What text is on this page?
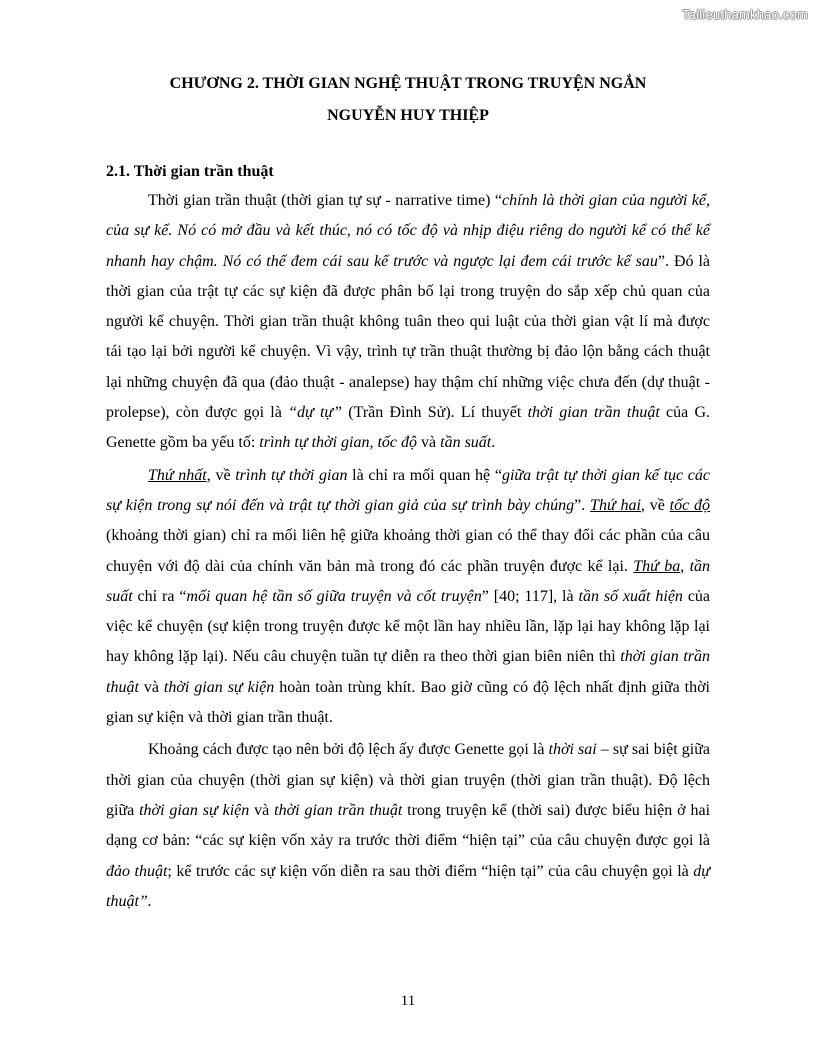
Tailieuthamkhao.com
CHƯƠNG 2. THỜI GIAN NGHỆ THUẬT TRONG TRUYỆN NGẮN
NGUYỄN HUY THIỆP
2.1. Thời gian trần thuật

Thời gian trần thuật (thời gian tự sự - narrative time) “chính là thời gian của người kể, của sự kể. Nó có mở đầu và kết thúc, nó có tốc độ và nhịp điệu riêng do người kể có thể kể nhanh hay chậm. Nó có thể đem cái sau kể trước và ngược lại đem cái trước kể sau”. Đó là thời gian của trật tự các sự kiện đã được phân bố lại trong truyện do sắp xếp chủ quan của người kể chuyện. Thời gian trần thuật không tuân theo qui luật của thời gian vật lí mà được tái tạo lại bởi người kể chuyện. Vì vậy, trình tự trần thuật thường bị đảo lộn bằng cách thuật lại những chuyện đã qua (đảo thuật - analepse) hay thậm chí những việc chưa đến (dự thuật - prolepse), còn được gọi là “dự tự” (Trần Đình Sử). Lí thuyết thời gian trần thuật của G. Genette gồm ba yếu tố: trình tự thời gian, tốc độ và tần suất.

Thứ nhất, về trình tự thời gian là chỉ ra mối quan hệ “giữa trật tự thời gian kế tục các sự kiện trong sự nói đến và trật tự thời gian giả của sự trình bày chúng”. Thứ hai, về tốc độ (khoảng thời gian) chỉ ra mối liên hệ giữa khoảng thời gian có thể thay đổi các phần của câu chuyện với độ dài của chính văn bản mà trong đó các phần truyện được kể lại. Thứ ba, tần suất chỉ ra “mối quan hệ tần số giữa truyện và cốt truyện” [40; 117], là tần số xuất hiện của việc kể chuyện (sự kiện trong truyện được kể một lần hay nhiều lần, lặp lại hay không lặp lại hay không lặp lại). Nếu câu chuyện tuần tự diễn ra theo thời gian biên niên thì thời gian trần thuật và thời gian sự kiện hoàn toàn trùng khít. Bao giờ cũng có độ lệch nhất định giữa thời gian sự kiện và thời gian trần thuật.

Khoảng cách được tạo nên bởi độ lệch ấy được Genette gọi là thời sai – sự sai biệt giữa thời gian của chuyện (thời gian sự kiện) và thời gian truyện (thời gian trần thuật). Độ lệch giữa thời gian sự kiện và thời gian trần thuật trong truyện kể (thời sai) được biểu hiện ở hai dạng cơ bản: “các sự kiện vốn xảy ra trước thời điểm “hiện tại” của câu chuyện được gọi là đảo thuật; kể trước các sự kiện vốn diễn ra sau thời điểm “hiện tại” của câu chuyện gọi là dự thuật”.

11
